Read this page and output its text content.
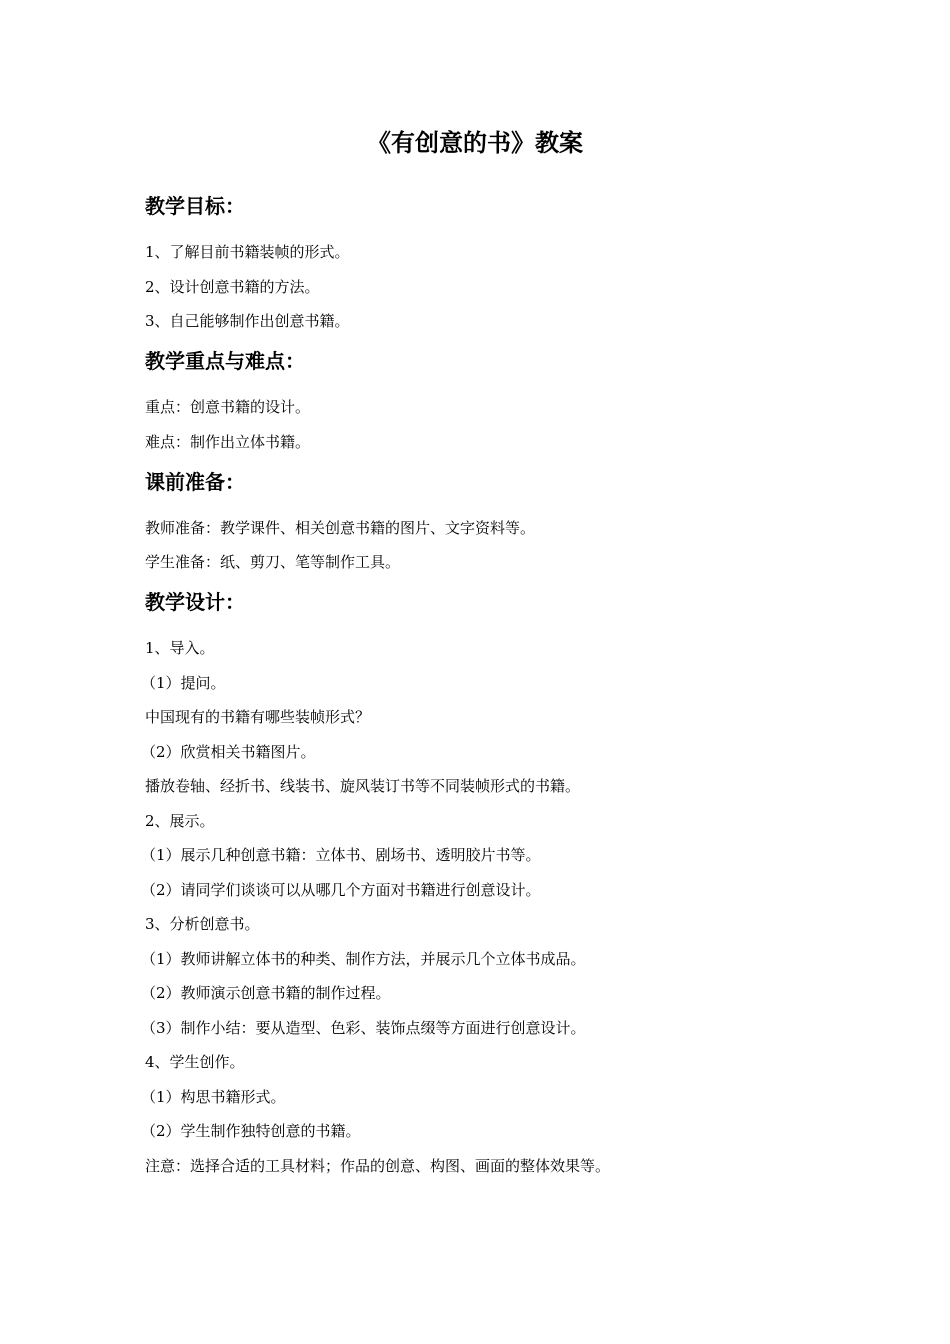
《有创意的书》教案
教学目标：
1、了解目前书籍装帧的形式。
2、设计创意书籍的方法。
3、自己能够制作出创意书籍。
教学重点与难点：
重点：创意书籍的设计。
难点：制作出立体书籍。
课前准备：
教师准备：教学课件、相关创意书籍的图片、文字资料等。
学生准备：纸、剪刀、笔等制作工具。
教学设计：
1、导入。
（1）提问。
中国现有的书籍有哪些装帧形式？
（2）欣赏相关书籍图片。
播放卷轴、经折书、线装书、旋风装订书等不同装帧形式的书籍。
2、展示。
（1）展示几种创意书籍：立体书、剧场书、透明胶片书等。
（2）请同学们谈谈可以从哪几个方面对书籍进行创意设计。
3、分析创意书。
（1）教师讲解立体书的种类、制作方法，并展示几个立体书成品。
（2）教师演示创意书籍的制作过程。
（3）制作小结：要从造型、色彩、装饰点缀等方面进行创意设计。
4、学生创作。
（1）构思书籍形式。
（2）学生制作独特创意的书籍。
注意：选择合适的工具材料；作品的创意、构图、画面的整体效果等。
